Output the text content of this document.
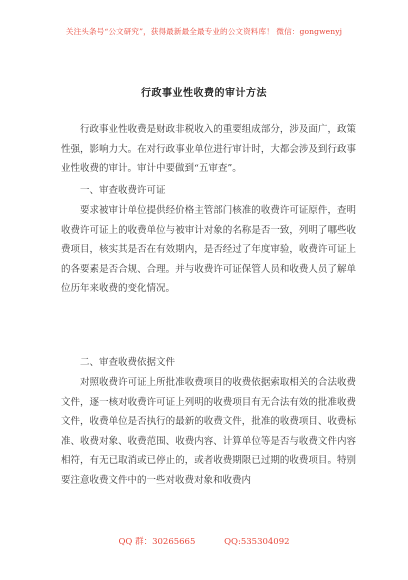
关注头条号“公文研究”，获得最新最全最专业的公文资料库！ 微信：gongwenyj
行政事业性收费的审计方法
行政事业性收费是财政非税收入的重要组成部分，涉及面广，政策性强，影响力大。在对行政事业单位进行审计时，大都会涉及到行政事业性收费的审计。审计中要做到“五审查”。
一、审查收费许可证
要求被审计单位提供经价格主管部门核准的收费许可证原件，查明收费许可证上的收费单位与被审计对象的名称是否一致，列明了哪些收费项目，核实其是否在有效期内，是否经过了年度审验，收费许可证上的各要素是否合规、合理。并与收费许可证保管人员和收费人员了解单位历年来收费的变化情况。
二、审查收费依据文件
对照收费许可证上所批准收费项目的收费依据索取相关的合法收费文件，逐一核对收费许可证上列明的收费项目有无合法有效的批准收费文件，收费单位是否执行的最新的收费文件，批准的收费项目、收费标准、收费对象、收费范围、收费内容、计算单位等是否与收费文件内容相符，有无已取消或已停止的，或者收费期限已过期的收费项目。特别要注意收费文件中的一些对收费对象和收费内
QQ 群：30265665	QQ:535304092
